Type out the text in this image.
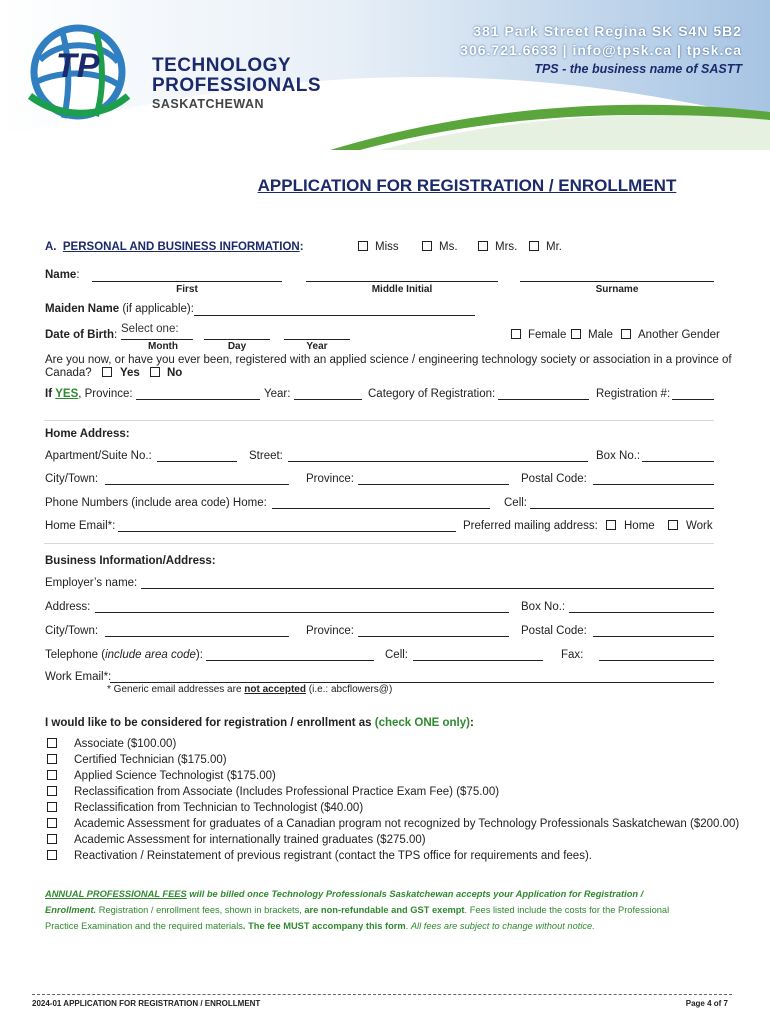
TP	TECHNOLOGY
PROFESSIONALS
SASKATCHEWAN
381 Park Street Regina SK S4N 5B2
306.721.6633 | info@tpsk.ca | tpsk.ca
TPS - the business name of SASTT
APPLICATION FOR REGISTRATION / ENROLLMENT
A. PERSONAL AND BUSINESS INFORMATION:	Miss	Ms.	Mrs. Mr.
Name:
First	Middle Initial	Surname
Maiden Name (if applicable):
Date of Birth: Select one:
Month	Day	Year
Female Male Another Gender
Are you now, or have you ever been, registered with an applied science / engineering technology society or association in a province of
Canada? Yes No
If YES, Province:	Year:	Category of Registration:	Registration #:
Home Address:
Apartment/Suite No.:	Street:	Box No.:
City/Town:	Province:	Postal Code:
Phone Numbers (include area code) Home:	Cell:
Home Email*:	Preferred mailing address: Home	Work
Business Information/Address:
Employer’s name:
Address:	Box No.:
City/Town:	Province:	Postal Code:
Telephone (include area code):	Cell:	Fax:
Work Email*:
* Generic email addresses are not accepted (i.e.: abcflowers@)
I would like to be considered for registration / enrollment as (check ONE only):
Associate ($100.00)
Certified Technician ($175.00)
Applied Science Technologist ($175.00)
Reclassification from Associate (Includes Professional Practice Exam Fee) ($75.00)
Reclassification from Technician to Technologist ($40.00)
Academic Assessment for graduates of a Canadian program not recognized by Technology Professionals Saskatchewan ($200.00)
Academic Assessment for internationally trained graduates ($275.00)
Reactivation / Reinstatement of previous registrant (contact the TPS office for requirements and fees).
ANNUAL PROFESSIONAL FEES will be billed once Technology Professionals Saskatchewan accepts your Application for Registration /
Enrollment. Registration / enrollment fees, shown in brackets, are non-refundable and GST exempt. Fees listed include the costs for the Professional
Practice Examination and the required materials. The fee MUST accompany this form. All fees are subject to change without notice.
2024-01 APPLICATION FOR REGISTRATION / ENROLLMENT	Page 4 of 7
